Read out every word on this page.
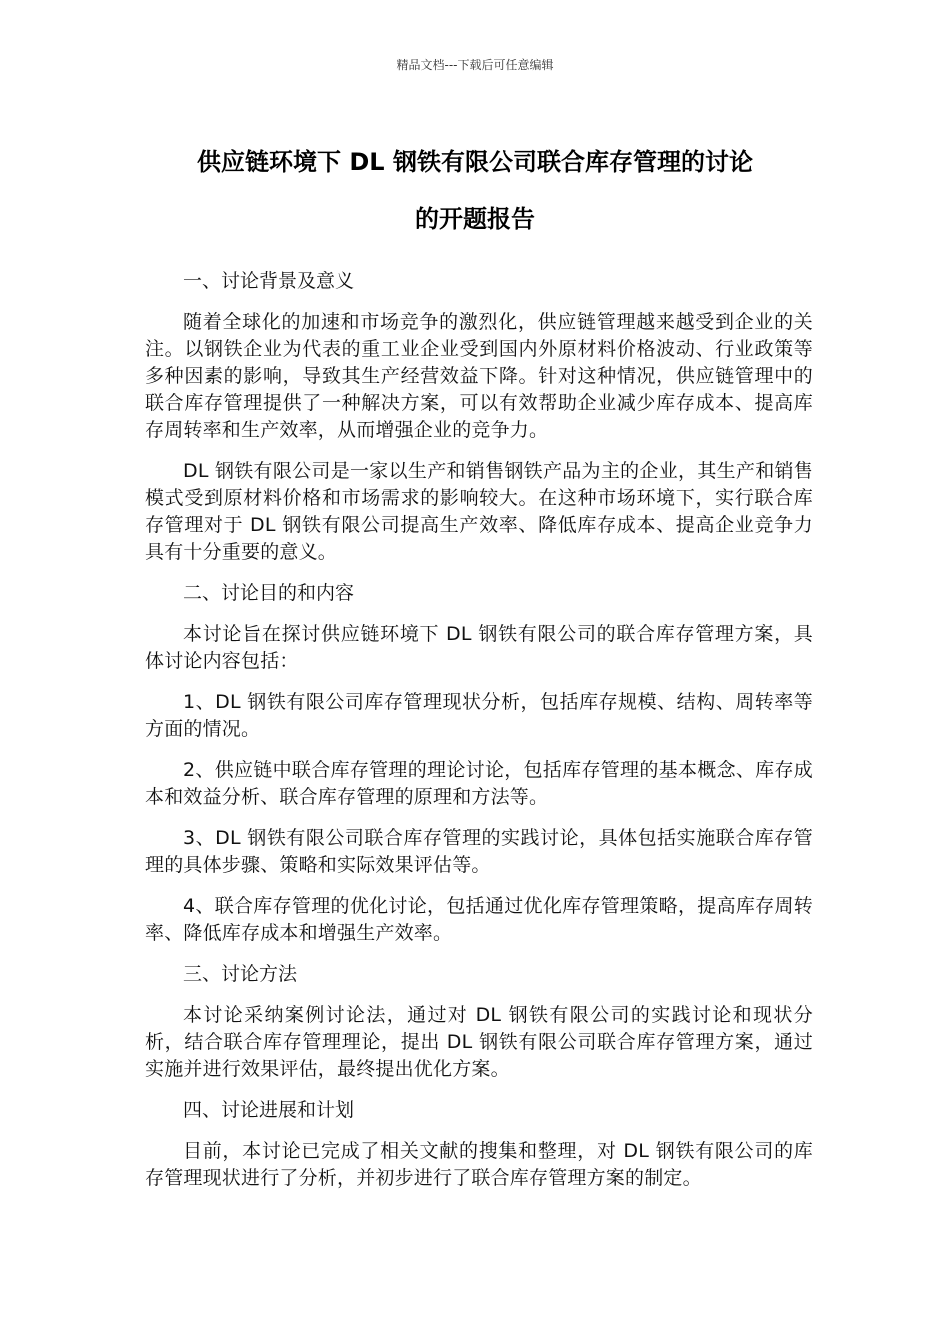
精品文档---下载后可任意编辑
供应链环境下 DL 钢铁有限公司联合库存管理的讨论
的开题报告

一、讨论背景及意义

随着全球化的加速和市场竞争的激烈化，供应链管理越来越受到企业的关注。以钢铁企业为代表的重工业企业受到国内外原材料价格波动、行业政策等多种因素的影响，导致其生产经营效益下降。针对这种情况，供应链管理中的联合库存管理提供了一种解决方案，可以有效帮助企业减少库存成本、提高库存周转率和生产效率，从而增强企业的竞争力。

DL 钢铁有限公司是一家以生产和销售钢铁产品为主的企业，其生产和销售模式受到原材料价格和市场需求的影响较大。在这种市场环境下，实行联合库存管理对于 DL 钢铁有限公司提高生产效率、降低库存成本、提高企业竞争力具有十分重要的意义。

二、讨论目的和内容

本讨论旨在探讨供应链环境下 DL 钢铁有限公司的联合库存管理方案，具体讨论内容包括：

1、DL 钢铁有限公司库存管理现状分析，包括库存规模、结构、周转率等方面的情况。

2、供应链中联合库存管理的理论讨论，包括库存管理的基本概念、库存成本和效益分析、联合库存管理的原理和方法等。

3、DL 钢铁有限公司联合库存管理的实践讨论，具体包括实施联合库存管理的具体步骤、策略和实际效果评估等。

4、联合库存管理的优化讨论，包括通过优化库存管理策略，提高库存周转率、降低库存成本和增强生产效率。

三、讨论方法

本讨论采纳案例讨论法，通过对 DL 钢铁有限公司的实践讨论和现状分析，结合联合库存管理理论，提出 DL 钢铁有限公司联合库存管理方案，通过实施并进行效果评估，最终提出优化方案。

四、讨论进展和计划

目前，本讨论已完成了相关文献的搜集和整理，对 DL 钢铁有限公司的库存管理现状进行了分析，并初步进行了联合库存管理方案的制定。
